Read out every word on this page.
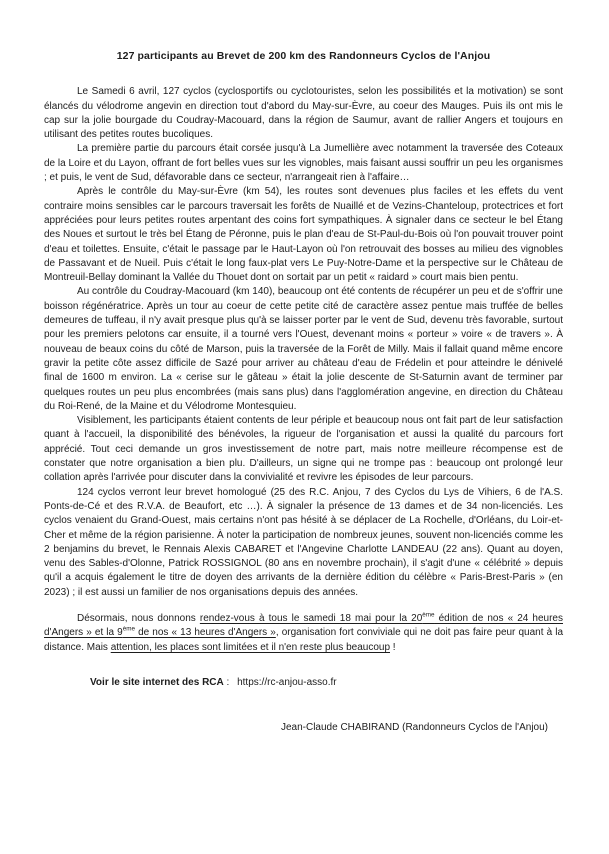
127 participants au Brevet de 200 km des Randonneurs Cyclos de l'Anjou

Le Samedi 6 avril, 127 cyclos (cyclosportifs ou cyclotouristes, selon les possibilités et la motivation) se sont élancés du vélodrome angevin en direction tout d'abord du May-sur-Èvre, au coeur des Mauges. Puis ils ont mis le cap sur la jolie bourgade du Coudray-Macouard, dans la région de Saumur, avant de rallier Angers et toujours en utilisant des petites routes bucoliques.

La première partie du parcours était corsée jusqu'à La Jumellière avec notamment la traversée des Coteaux de la Loire et du Layon, offrant de fort belles vues sur les vignobles, mais faisant aussi souffrir un peu les organismes ; et puis, le vent de Sud, défavorable dans ce secteur, n'arrangeait rien à l'affaire…

Après le contrôle du May-sur-Èvre (km 54), les routes sont devenues plus faciles et les effets du vent contraire moins sensibles car le parcours traversait les forêts de Nuaillé et de Vezins-Chanteloup, protectrices et fort appréciées pour leurs petites routes arpentant des coins fort sympathiques. À signaler dans ce secteur le bel Étang des Noues et surtout le très bel Étang de Péronne, puis le plan d'eau de St-Paul-du-Bois où l'on pouvait trouver point d'eau et toilettes. Ensuite, c'était le passage par le Haut-Layon où l'on retrouvait des bosses au milieu des vignobles de Passavant et de Nueil. Puis c'était le long faux-plat vers Le Puy-Notre-Dame et la perspective sur le Château de Montreuil-Bellay dominant la Vallée du Thouet dont on sortait par un petit « raidard » court mais bien pentu.

Au contrôle du Coudray-Macouard (km 140), beaucoup ont été contents de récupérer un peu et de s'offrir une boisson régénératrice. Après un tour au coeur de cette petite cité de caractère assez pentue mais truffée de belles demeures de tuffeau, il n'y avait presque plus qu'à se laisser porter par le vent de Sud, devenu très favorable, surtout pour les premiers pelotons car ensuite, il a tourné vers l'Ouest, devenant moins « porteur » voire « de travers ». À nouveau de beaux coins du côté de Marson, puis la traversée de la Forêt de Milly. Mais il fallait quand même encore gravir la petite côte assez difficile de Sazé pour arriver au château d'eau de Frédelin et pour atteindre le dénivelé final de 1600 m environ. La « cerise sur le gâteau » était la jolie descente de St-Saturnin avant de terminer par quelques routes un peu plus encombrées (mais sans plus) dans l'agglomération angevine, en direction du Château du Roi-René, de la Maine et du Vélodrome Montesquieu.

Visiblement, les participants étaient contents de leur périple et beaucoup nous ont fait part de leur satisfaction quant à l'accueil, la disponibilité des bénévoles, la rigueur de l'organisation et aussi la qualité du parcours fort apprécié. Tout ceci demande un gros investissement de notre part, mais notre meilleure récompense est de constater que notre organisation a bien plu. D'ailleurs, un signe qui ne trompe pas : beaucoup ont prolongé leur collation après l'arrivée pour discuter dans la convivialité et revivre les épisodes de leur parcours.

124 cyclos verront leur brevet homologué (25 des R.C. Anjou, 7 des Cyclos du Lys de Vihiers, 6 de l'A.S. Ponts-de-Cé et des R.V.A. de Beaufort, etc …). À signaler la présence de 13 dames et de 34 non-licenciés. Les cyclos venaient du Grand-Ouest, mais certains n'ont pas hésité à se déplacer de La Rochelle, d'Orléans, du Loir-et-Cher et même de la région parisienne. À noter la participation de nombreux jeunes, souvent non-licenciés comme les 2 benjamins du brevet, le Rennais Alexis CABARET et l'Angevine Charlotte LANDEAU (22 ans). Quant au doyen, venu des Sables-d'Olonne, Patrick ROSSIGNOL (80 ans en novembre prochain), il s'agit d'une « célébrité » depuis qu'il a acquis également le titre de doyen des arrivants de la dernière édition du célèbre « Paris-Brest-Paris » (en 2023) ; il est aussi un familier de nos organisations depuis des années.

Désormais, nous donnons rendez-vous à tous le samedi 18 mai pour la 20ème édition de nos « 24 heures d'Angers » et la 9ème de nos « 13 heures d'Angers », organisation fort conviviale qui ne doit pas faire peur quant à la distance. Mais attention, les places sont limitées et il n'en reste plus beaucoup !

Voir le site internet des RCA : https://rc-anjou-asso.fr

Jean-Claude CHABIRAND (Randonneurs Cyclos de l'Anjou)
